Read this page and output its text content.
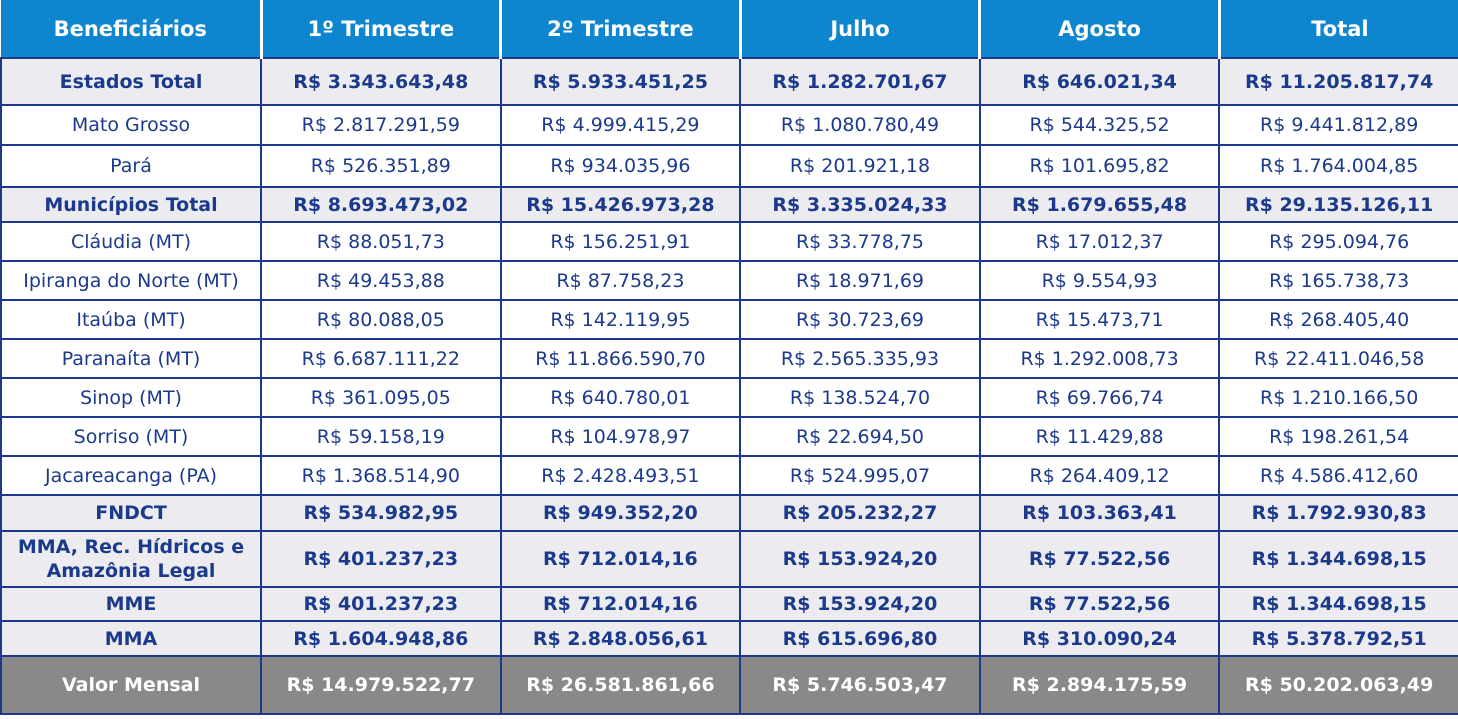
Beneficiários	1º Trimestre	2º Trimestre	Julho	Agosto	Total
Estados Total	R$ 3.343.643,48	R$ 5.933.451,25	R$ 1.282.701,67	R$ 646.021,34	R$ 11.205.817,74
Mato Grosso	R$ 2.817.291,59	R$ 4.999.415,29	R$ 1.080.780,49	R$ 544.325,52	R$ 9.441.812,89
Pará	R$ 526.351,89	R$ 934.035,96	R$ 201.921,18	R$ 101.695,82	R$ 1.764.004,85
Municípios Total	R$ 8.693.473,02	R$ 15.426.973,28	R$ 3.335.024,33	R$ 1.679.655,48	R$ 29.135.126,11
Cláudia (MT)	R$ 88.051,73	R$ 156.251,91	R$ 33.778,75	R$ 17.012,37	R$ 295.094,76
Ipiranga do Norte (MT)	R$ 49.453,88	R$ 87.758,23	R$ 18.971,69	R$ 9.554,93	R$ 165.738,73
Itaúba (MT)	R$ 80.088,05	R$ 142.119,95	R$ 30.723,69	R$ 15.473,71	R$ 268.405,40
Paranaíta (MT)	R$ 6.687.111,22	R$ 11.866.590,70	R$ 2.565.335,93	R$ 1.292.008,73	R$ 22.411.046,58
Sinop (MT)	R$ 361.095,05	R$ 640.780,01	R$ 138.524,70	R$ 69.766,74	R$ 1.210.166,50
Sorriso (MT)	R$ 59.158,19	R$ 104.978,97	R$ 22.694,50	R$ 11.429,88	R$ 198.261,54
Jacareacanga (PA)	R$ 1.368.514,90	R$ 2.428.493,51	R$ 524.995,07	R$ 264.409,12	R$ 4.586.412,60
FNDCT	R$ 534.982,95	R$ 949.352,20	R$ 205.232,27	R$ 103.363,41	R$ 1.792.930,83
MMA, Rec. Hídricos e Amazônia Legal	R$ 401.237,23	R$ 712.014,16	R$ 153.924,20	R$ 77.522,56	R$ 1.344.698,15
MME	R$ 401.237,23	R$ 712.014,16	R$ 153.924,20	R$ 77.522,56	R$ 1.344.698,15
MMA	R$ 1.604.948,86	R$ 2.848.056,61	R$ 615.696,80	R$ 310.090,24	R$ 5.378.792,51
Valor Mensal	R$ 14.979.522,77	R$ 26.581.861,66	R$ 5.746.503,47	R$ 2.894.175,59	R$ 50.202.063,49
